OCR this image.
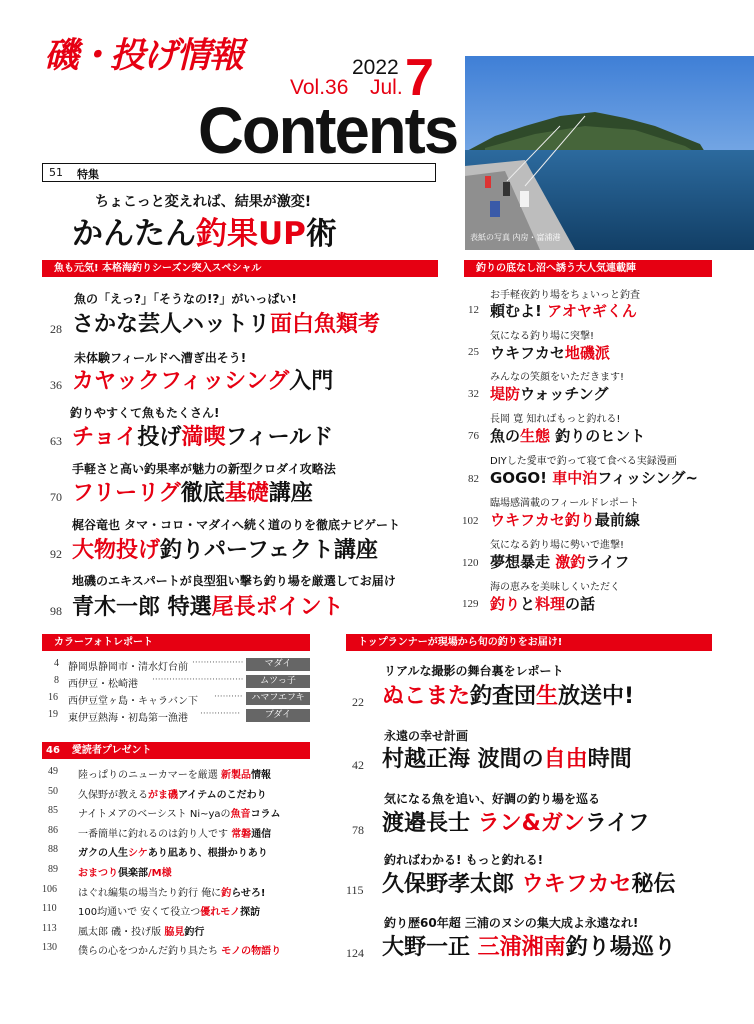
磯・投げ情報	2022
Vol.36 Jul. 7
Contents
表紙の写真 内房・富浦港
51 特集
ちょこっと変えれば、結果が激変!
かんたん釣果UP術
魚も元気! 本格海釣りシーズン突入スペシャル
魚の「えっ?」「そうなの!?」がいっぱい!
28 さかな芸人ハットリ面白魚類考
未体験フィールドへ漕ぎ出そう!
36 カヤックフィッシング入門
釣りやすくて魚もたくさん!
63 チョイ投げ満喫フィールド
手軽さと高い釣果率が魅力の新型クロダイ攻略法
70 フリーリグ徹底基礎講座
梶谷竜也 タマ・コロ・マダイへ続く道のりを徹底ナビゲート
92 大物投げ釣りパーフェクト講座
地磯のエキスパートが良型狙い撃ち釣り場を厳選してお届け
98 青木一郎 特選尾長ポイント
釣りの底なし沼へ誘う大人気連載陣
お手軽夜釣り場をちょいっと釣査
12 頼むよ! アオヤギくん
気になる釣り場に突撃!
25 ウキフカセ地磯派
みんなの笑顔をいただきます!
32 堤防ウォッチング
長岡 寛 知ればもっと釣れる!
76 魚の生態 釣りのヒント
DIYした愛車で釣って寝て食べる実録漫画
82 GOGO! 車中泊フィッシング~
臨場感満載のフィールドレポート
102 ウキフカセ釣り最前線
気になる釣り場に勢いで進撃!
120 夢想暴走 激釣ライフ
海の恵みを美味しくいただく
129 釣りと料理の話
カラーフォトレポート
4 静岡県静岡市・清水灯台前 ··················	マダイ
8 西伊豆・松崎港 ································	ムツっ子
16 西伊豆堂ヶ島・キャラバン下 ·········· ハマフエフキ
19 東伊豆熱海・初島第一漁港 ··············	ブダイ
46 愛読者プレゼント
49 陸っぱりのニューカマーを厳選 新製品情報
50 久保野が教えるがま磯アイテムのこだわり
85 ナイトメアのベーシスト Ni~yaの魚音コラム
86 一番簡単に釣れるのは釣り人です 常磐通信
88 ガクの人生シケあり凪あり、根掛かりあり
89 おまつり倶楽部/M様
106 はぐれ編集の場当たり釣行 俺に釣らせろ!
110 100均通いで 安くて役立つ優れモノ探訪
113 風太郎 磯・投げ版 脇見釣行
130 僕らの心をつかんだ釣り具たち モノの物語り
トップランナーが現場から旬の釣りをお届け!
リアルな撮影の舞台裏をレポート
22 ぬこまた釣査団生放送中!
永遠の幸せ計画
42 村越正海 波間の自由時間
気になる魚を追い、好調の釣り場を巡る
78 渡邉長士 ラン&ガンライフ
釣ればわかる! もっと釣れる!
115 久保野孝太郎 ウキフカセ秘伝
釣り歴60年超 三浦のヌシの集大成よ永遠なれ!
124 大野一正 三浦湘南釣り場巡り
